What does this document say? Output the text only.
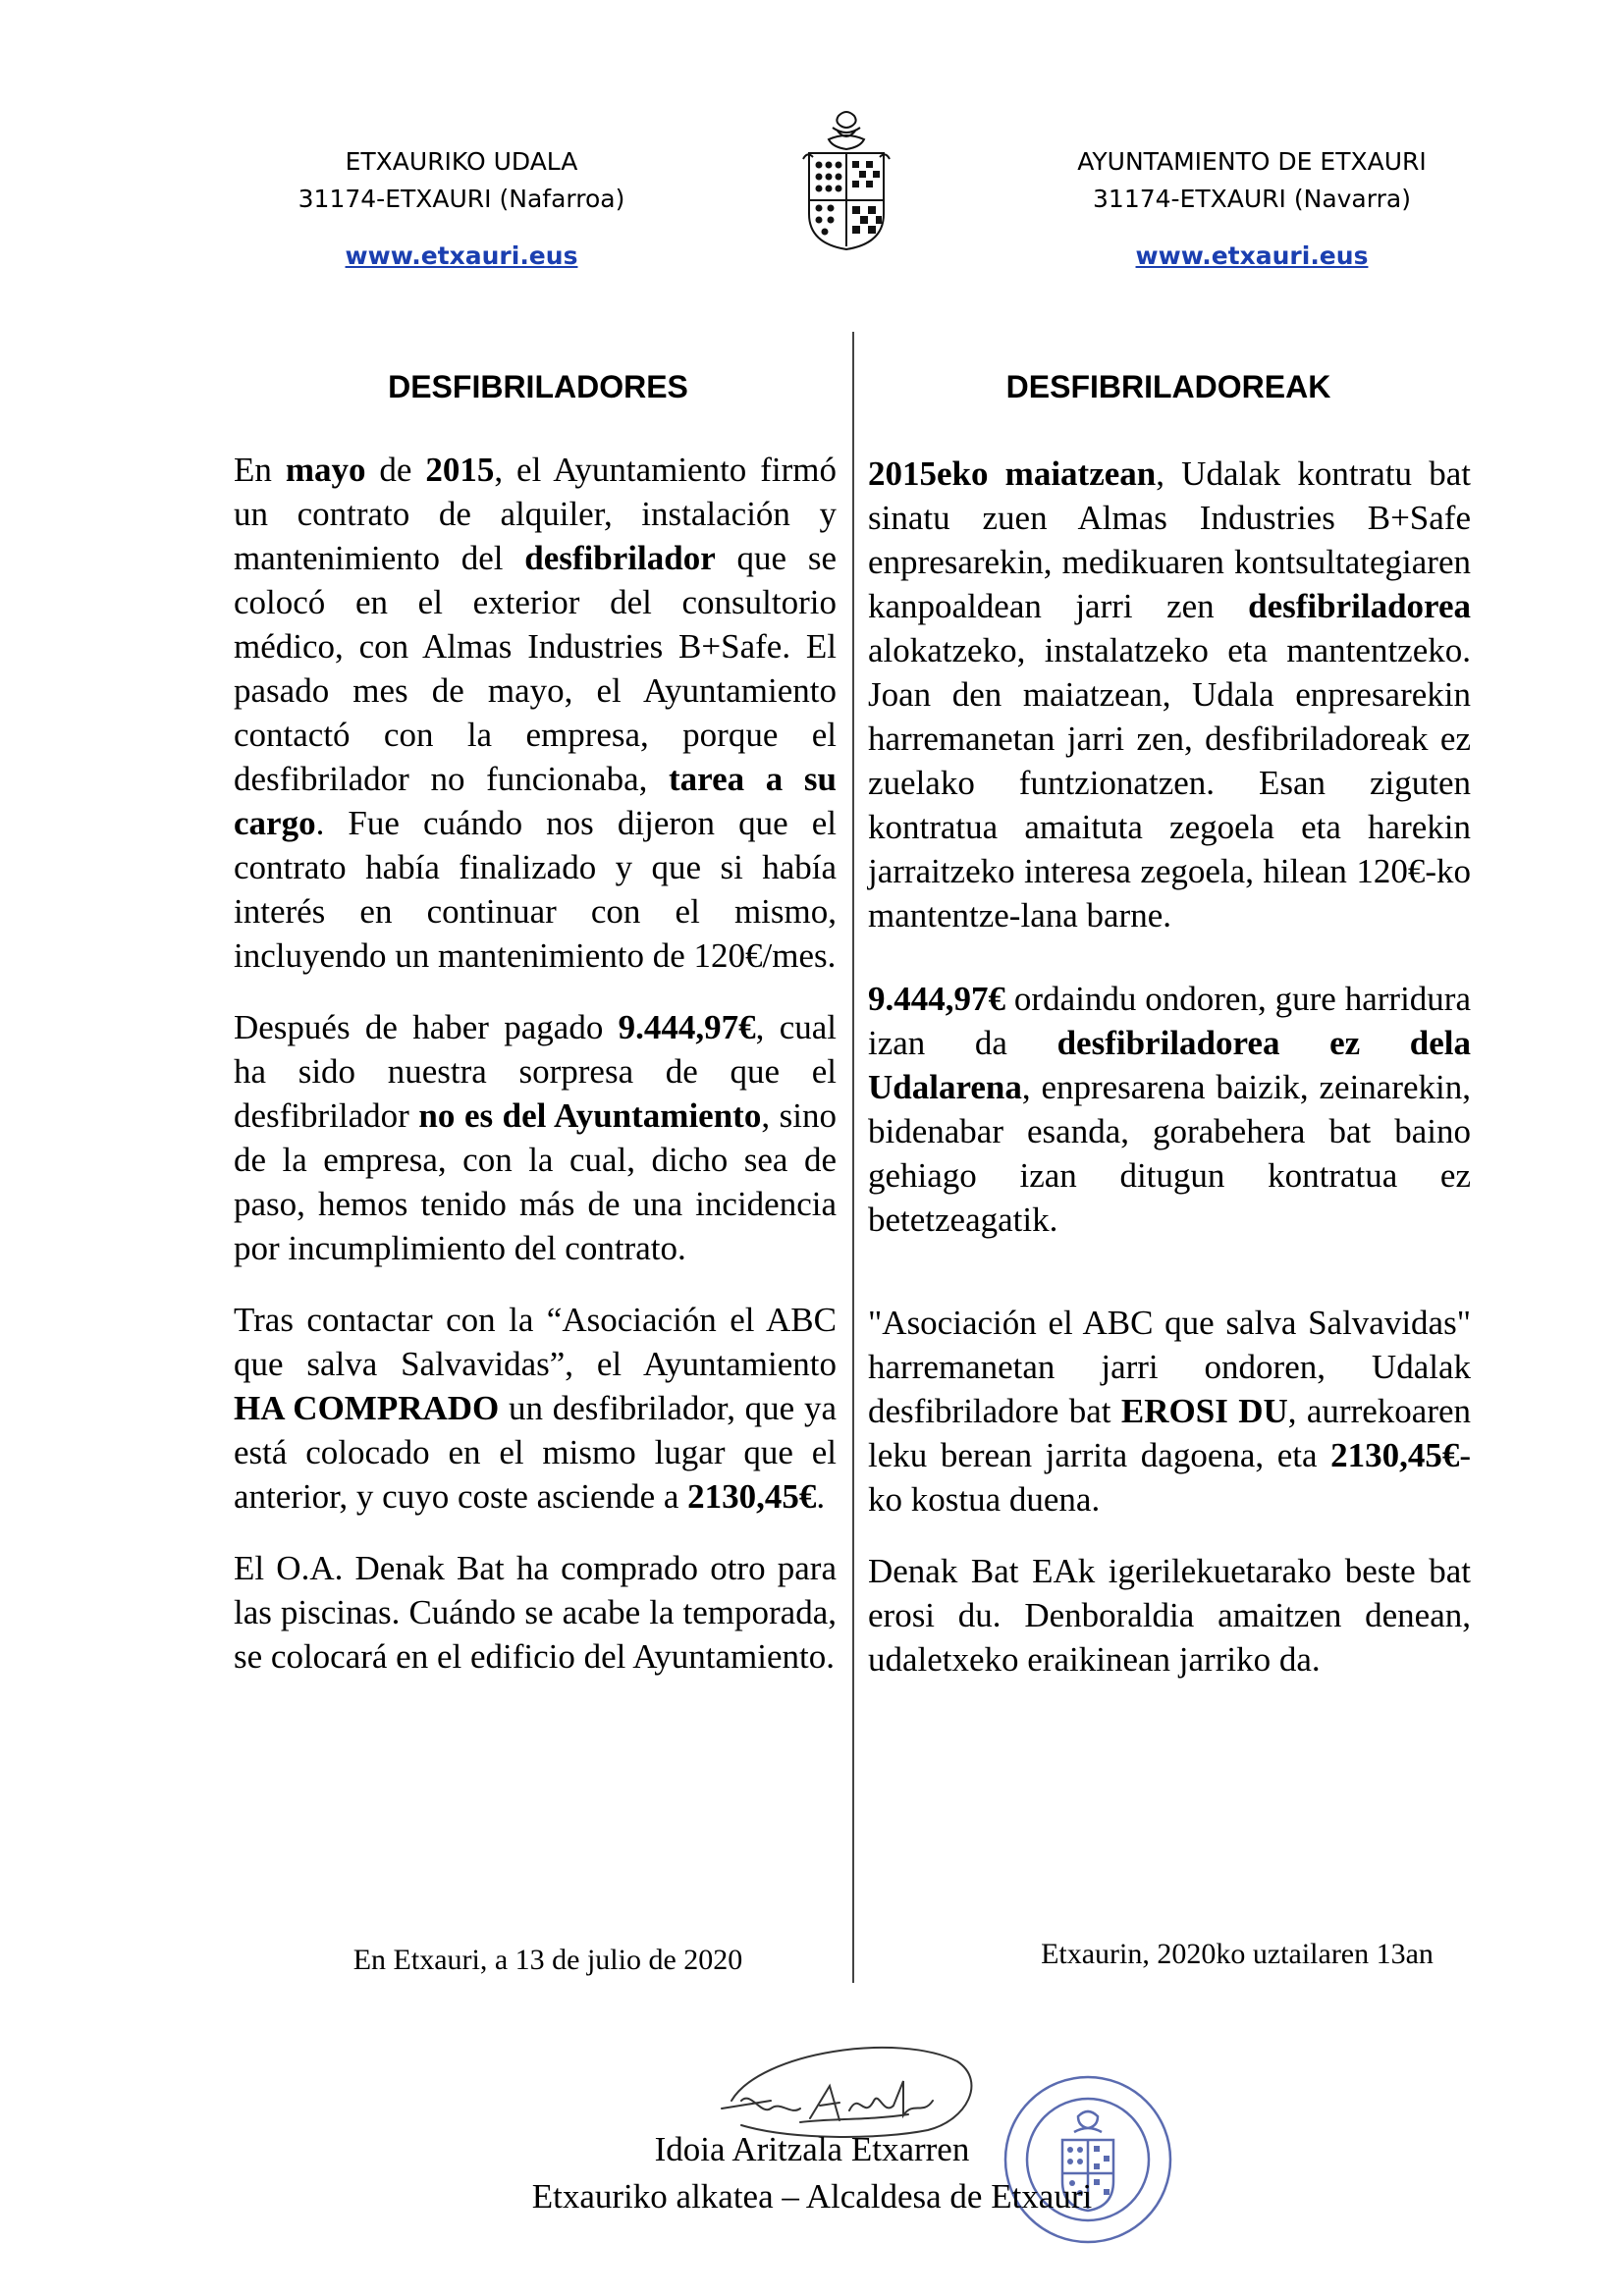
ETXAURIKO UDALA
31174-ETXAURI (Nafarroa)
www.etxauri.eus
AYUNTAMIENTO DE ETXAURI
31174-ETXAURI (Navarra)
www.etxauri.eus
DESFIBRILADORES	DESFIBRILADOREAK

En mayo de 2015, el Ayuntamiento firmó un contrato de alquiler, instalación y mantenimiento del desfibrilador que se colocó en el exterior del consultorio médico, con Almas Industries B+Safe. El pasado mes de mayo, el Ayuntamiento contactó con la empresa, porque el desfibrilador no funcionaba, tarea a su cargo. Fue cuándo nos dijeron que el contrato había finalizado y que si había interés en continuar con el mismo, incluyendo un mantenimiento de 120€/mes.

Después de haber pagado 9.444,97€, cual ha sido nuestra sorpresa de que el desfibrilador no es del Ayuntamiento, sino de la empresa, con la cual, dicho sea de paso, hemos tenido más de una incidencia por incumplimiento del contrato.

Tras contactar con la “Asociación el ABC que salva Salvavidas”, el Ayuntamiento HA COMPRADO un desfibrilador, que ya está colocado en el mismo lugar que el anterior, y cuyo coste asciende a 2130,45€.

El O.A. Denak Bat ha comprado otro para las piscinas. Cuándo se acabe la temporada, se colocará en el edificio del Ayuntamiento.

2015eko maiatzean, Udalak kontratu bat sinatu zuen Almas Industries B+Safe enpresarekin, medikuaren kontsultategiaren kanpoaldean jarri zen desfibriladorea alokatzeko, instalatzeko eta mantentzeko. Joan den maiatzean, Udala enpresarekin harremanetan jarri zen, desfibriladoreak ez zuelako funtzionatzen. Esan ziguten kontratua amaituta zegoela eta harekin jarraitzeko interesa zegoela, hilean 120€-ko mantentze-lana barne.

9.444,97€ ordaindu ondoren, gure harridura izan da desfibriladorea ez dela Udalarena, enpresarena baizik, zeinarekin, bidenabar esanda, gorabehera bat baino gehiago izan ditugun kontratua ez betetzeagatik.

"Asociación el ABC que salva Salvavidas" harremanetan jarri ondoren, Udalak desfibriladore bat EROSI DU, aurrekoaren leku berean jarrita dagoena, eta 2130,45€-ko kostua duena.

Denak Bat EAk igerilekuetarako beste bat erosi du. Denboraldia amaitzen denean, udaletxeko eraikinean jarriko da.

En Etxauri, a 13 de julio de 2020	Etxaurin, 2020ko uztailaren 13an
Idoia Aritzala Etxarren
Etxauriko alkatea – Alcaldesa de Etxauri
